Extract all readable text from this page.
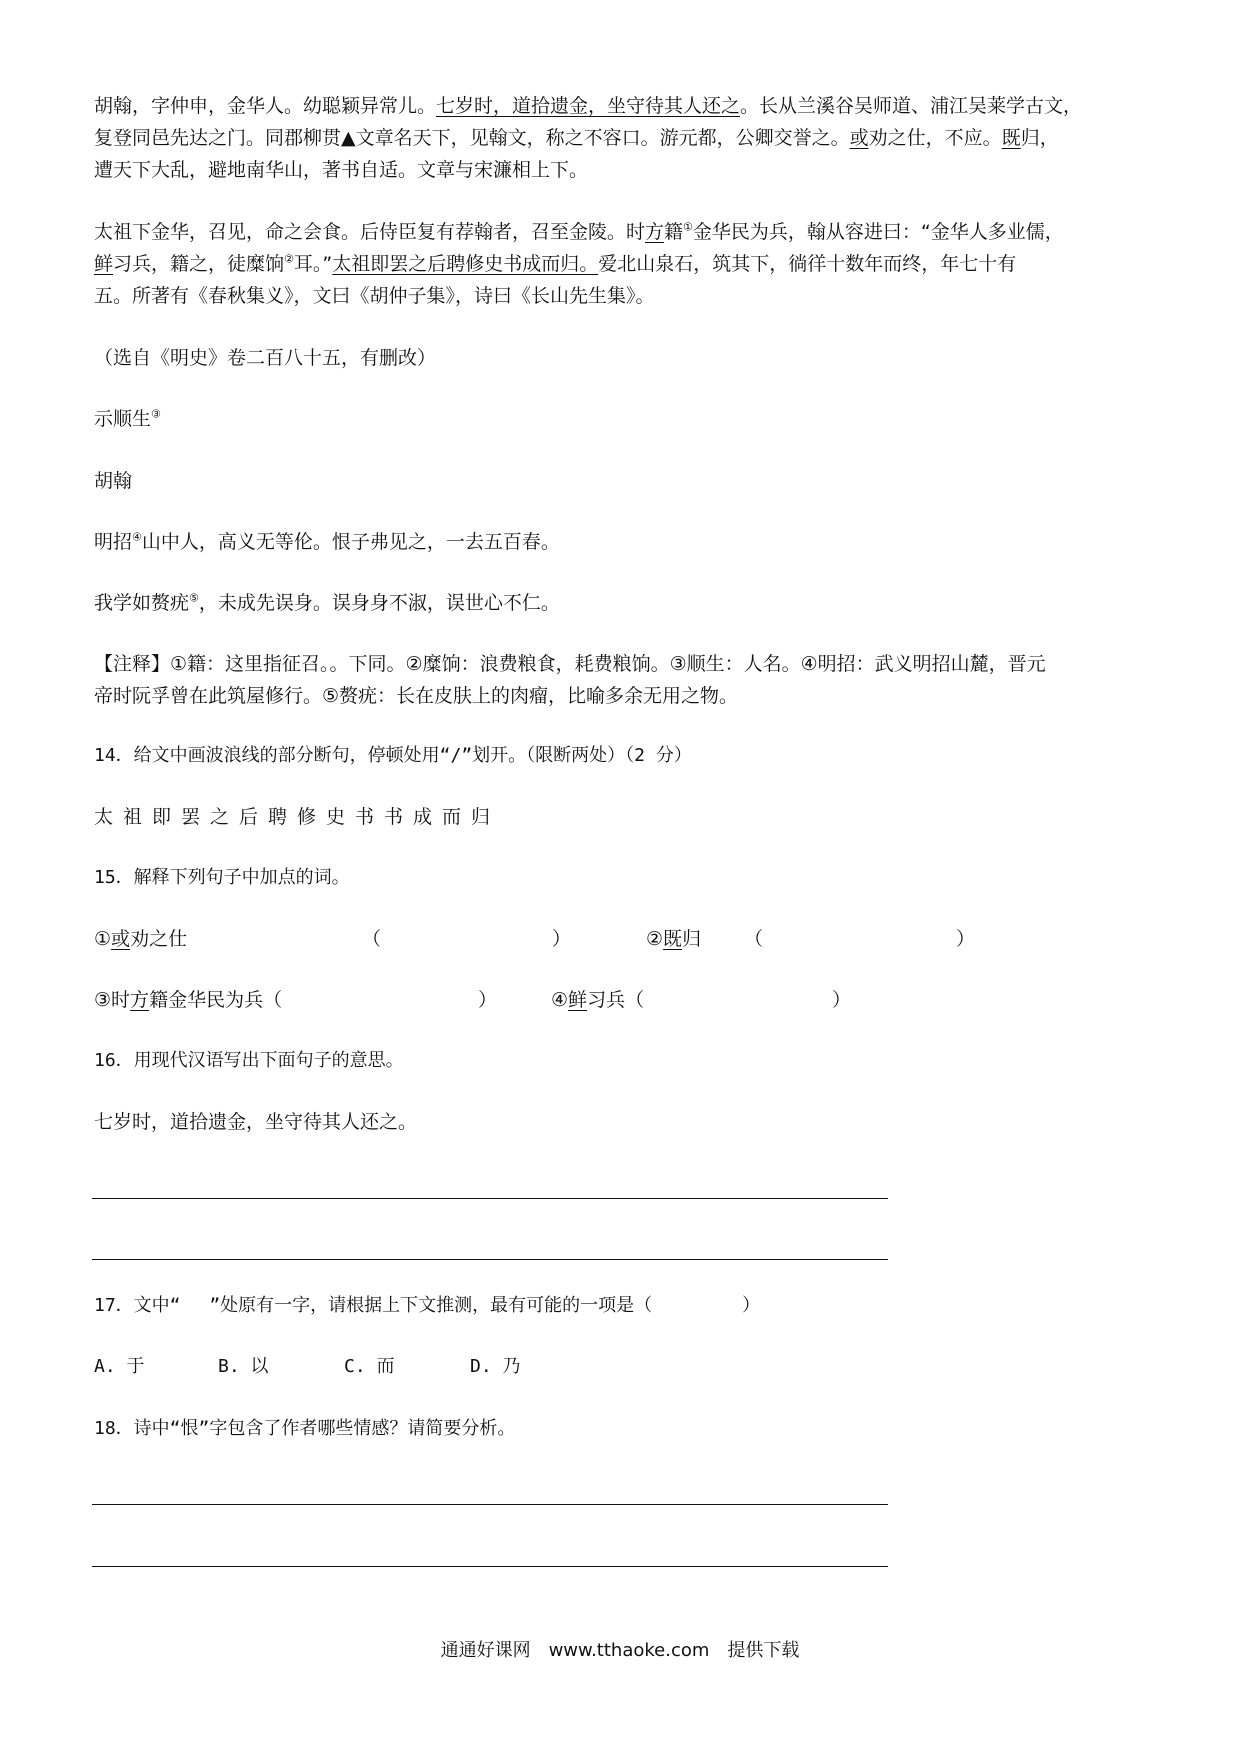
胡翰，字仲申，金华人。幼聪颖异常儿。七岁时，道拾遗金，坐守待其人还之。长从兰溪谷吴师道、浦江吴莱学古文，
复登同邑先达之门。同郡柳贯▲文章名天下，见翰文，称之不容口。游元都，公卿交誉之。或劝之仕，不应。既归，
遭天下大乱，避地南华山，著书自适。文章与宋濂相上下。
太祖下金华，召见，命之会食。后侍臣复有荐翰者，召至金陵。时方籍①金华民为兵，翰从容进曰：“金华人多业儒，
鲜习兵，籍之，徒糜饷②耳。”太祖即罢之后聘修史书成而归。爱北山泉石，筑其下，徜徉十数年而终，年七十有
五。所著有《春秋集义》，文曰《胡仲子集》，诗曰《长山先生集》。
（选自《明史》卷二百八十五，有删改）
示顺生③
胡翰
明招④山中人，高义无等伦。恨子弗见之，一去五百春。
我学如赘疣⑤，未成先误身。误身身不淑，误世心不仁。
【注释】①籍：这里指征召。。下同。②糜饷：浪费粮食，耗费粮饷。③顺生：人名。④明招：武义明招山麓，晋元
帝时阮孚曾在此筑屋修行。⑤赘疣：长在皮肤上的肉瘤，比喻多余无用之物。
14．给文中画波浪线的部分断句，停顿处用“/”划开。（限断两处）（2 分）
太祖即罢之后聘修史书书成而归
15．解释下列句子中加点的词。
①或劝之仕	（	）	②既归	（	）
③时方籍金华民为兵（	）	④鲜习兵（	）
16．用现代汉语写出下面句子的意思。
七岁时，道拾遗金，坐守待其人还之。
17．文中“　 ”处原有一字，请根据上下文推测，最有可能的一项是（　　　　　）
A. 于	B. 以	C. 而	D. 乃
18．诗中“恨”字包含了作者哪些情感？请简要分析。
通通好课网　www.tthaoke.com　提供下载
